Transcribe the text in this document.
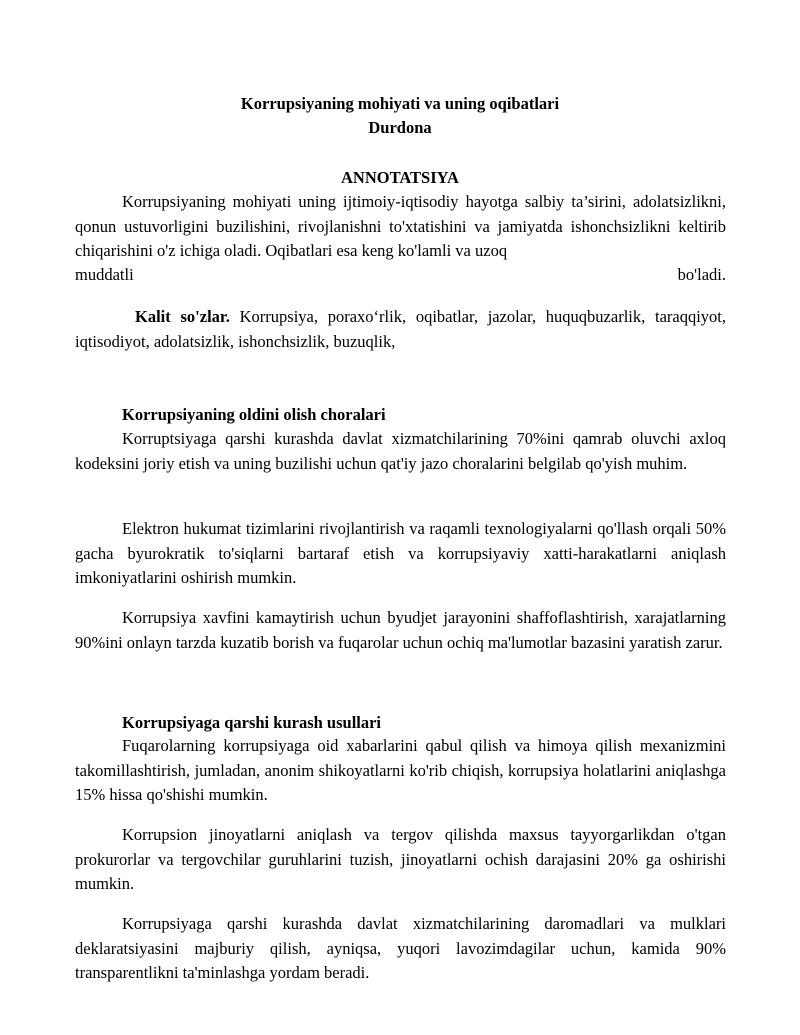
Korrupsiyaning mohiyati va uning oqibatlari
Durdona
ANNOTATSIYA

Korrupsiyaning mohiyati uning ijtimoiy-iqtisodiy hayotga salbiy ta’sirini, adolatsizlikni, qonun ustuvorligini buzilishini, rivojlanishni to'xtatishini va jamiyatda ishonchsizlikni keltirib chiqarishini o'z ichiga oladi. Oqibatlari esa keng ko'lamli va uzoq

muddatli	bo'ladi.

Kalit so'zlar. Korrupsiya, poraxo‘rlik, oqibatlar, jazolar, huquqbuzarlik, taraqqiyot, iqtisodiyot, adolatsizlik, ishonchsizlik, buzuqlik,

Korrupsiyaning oldini olish choralari

Korruptsiyaga qarshi kurashda davlat xizmatchilarining 70%ini qamrab oluvchi axloq kodeksini joriy etish va uning buzilishi uchun qat'iy jazo choralarini belgilab qo'yish muhim.

Elektron hukumat tizimlarini rivojlantirish va raqamli texnologiyalarni qo'llash orqali 50% gacha byurokratik to'siqlarni bartaraf etish va korrupsiyaviy xatti-harakatlarni aniqlash imkoniyatlarini oshirish mumkin.

Korrupsiya xavfini kamaytirish uchun byudjet jarayonini shaffoflashtirish, xarajatlarning 90%ini onlayn tarzda kuzatib borish va fuqarolar uchun ochiq ma'lumotlar bazasini yaratish zarur.

Korrupsiyaga qarshi kurash usullari

Fuqarolarning korrupsiyaga oid xabarlarini qabul qilish va himoya qilish mexanizmini takomillashtirish, jumladan, anonim shikoyatlarni ko'rib chiqish, korrupsiya holatlarini aniqlashga 15% hissa qo'shishi mumkin.

Korrupsion jinoyatlarni aniqlash va tergov qilishda maxsus tayyorgarlikdan o'tgan prokurorlar va tergovchilar guruhlarini tuzish, jinoyatlarni ochish darajasini 20% ga oshirishi mumkin.

Korrupsiyaga qarshi kurashda davlat xizmatchilarining daromadlari va mulklari deklaratsiyasini majburiy qilish, ayniqsa, yuqori lavozimdagilar uchun, kamida 90% transparentlikni ta'minlashga yordam beradi.
